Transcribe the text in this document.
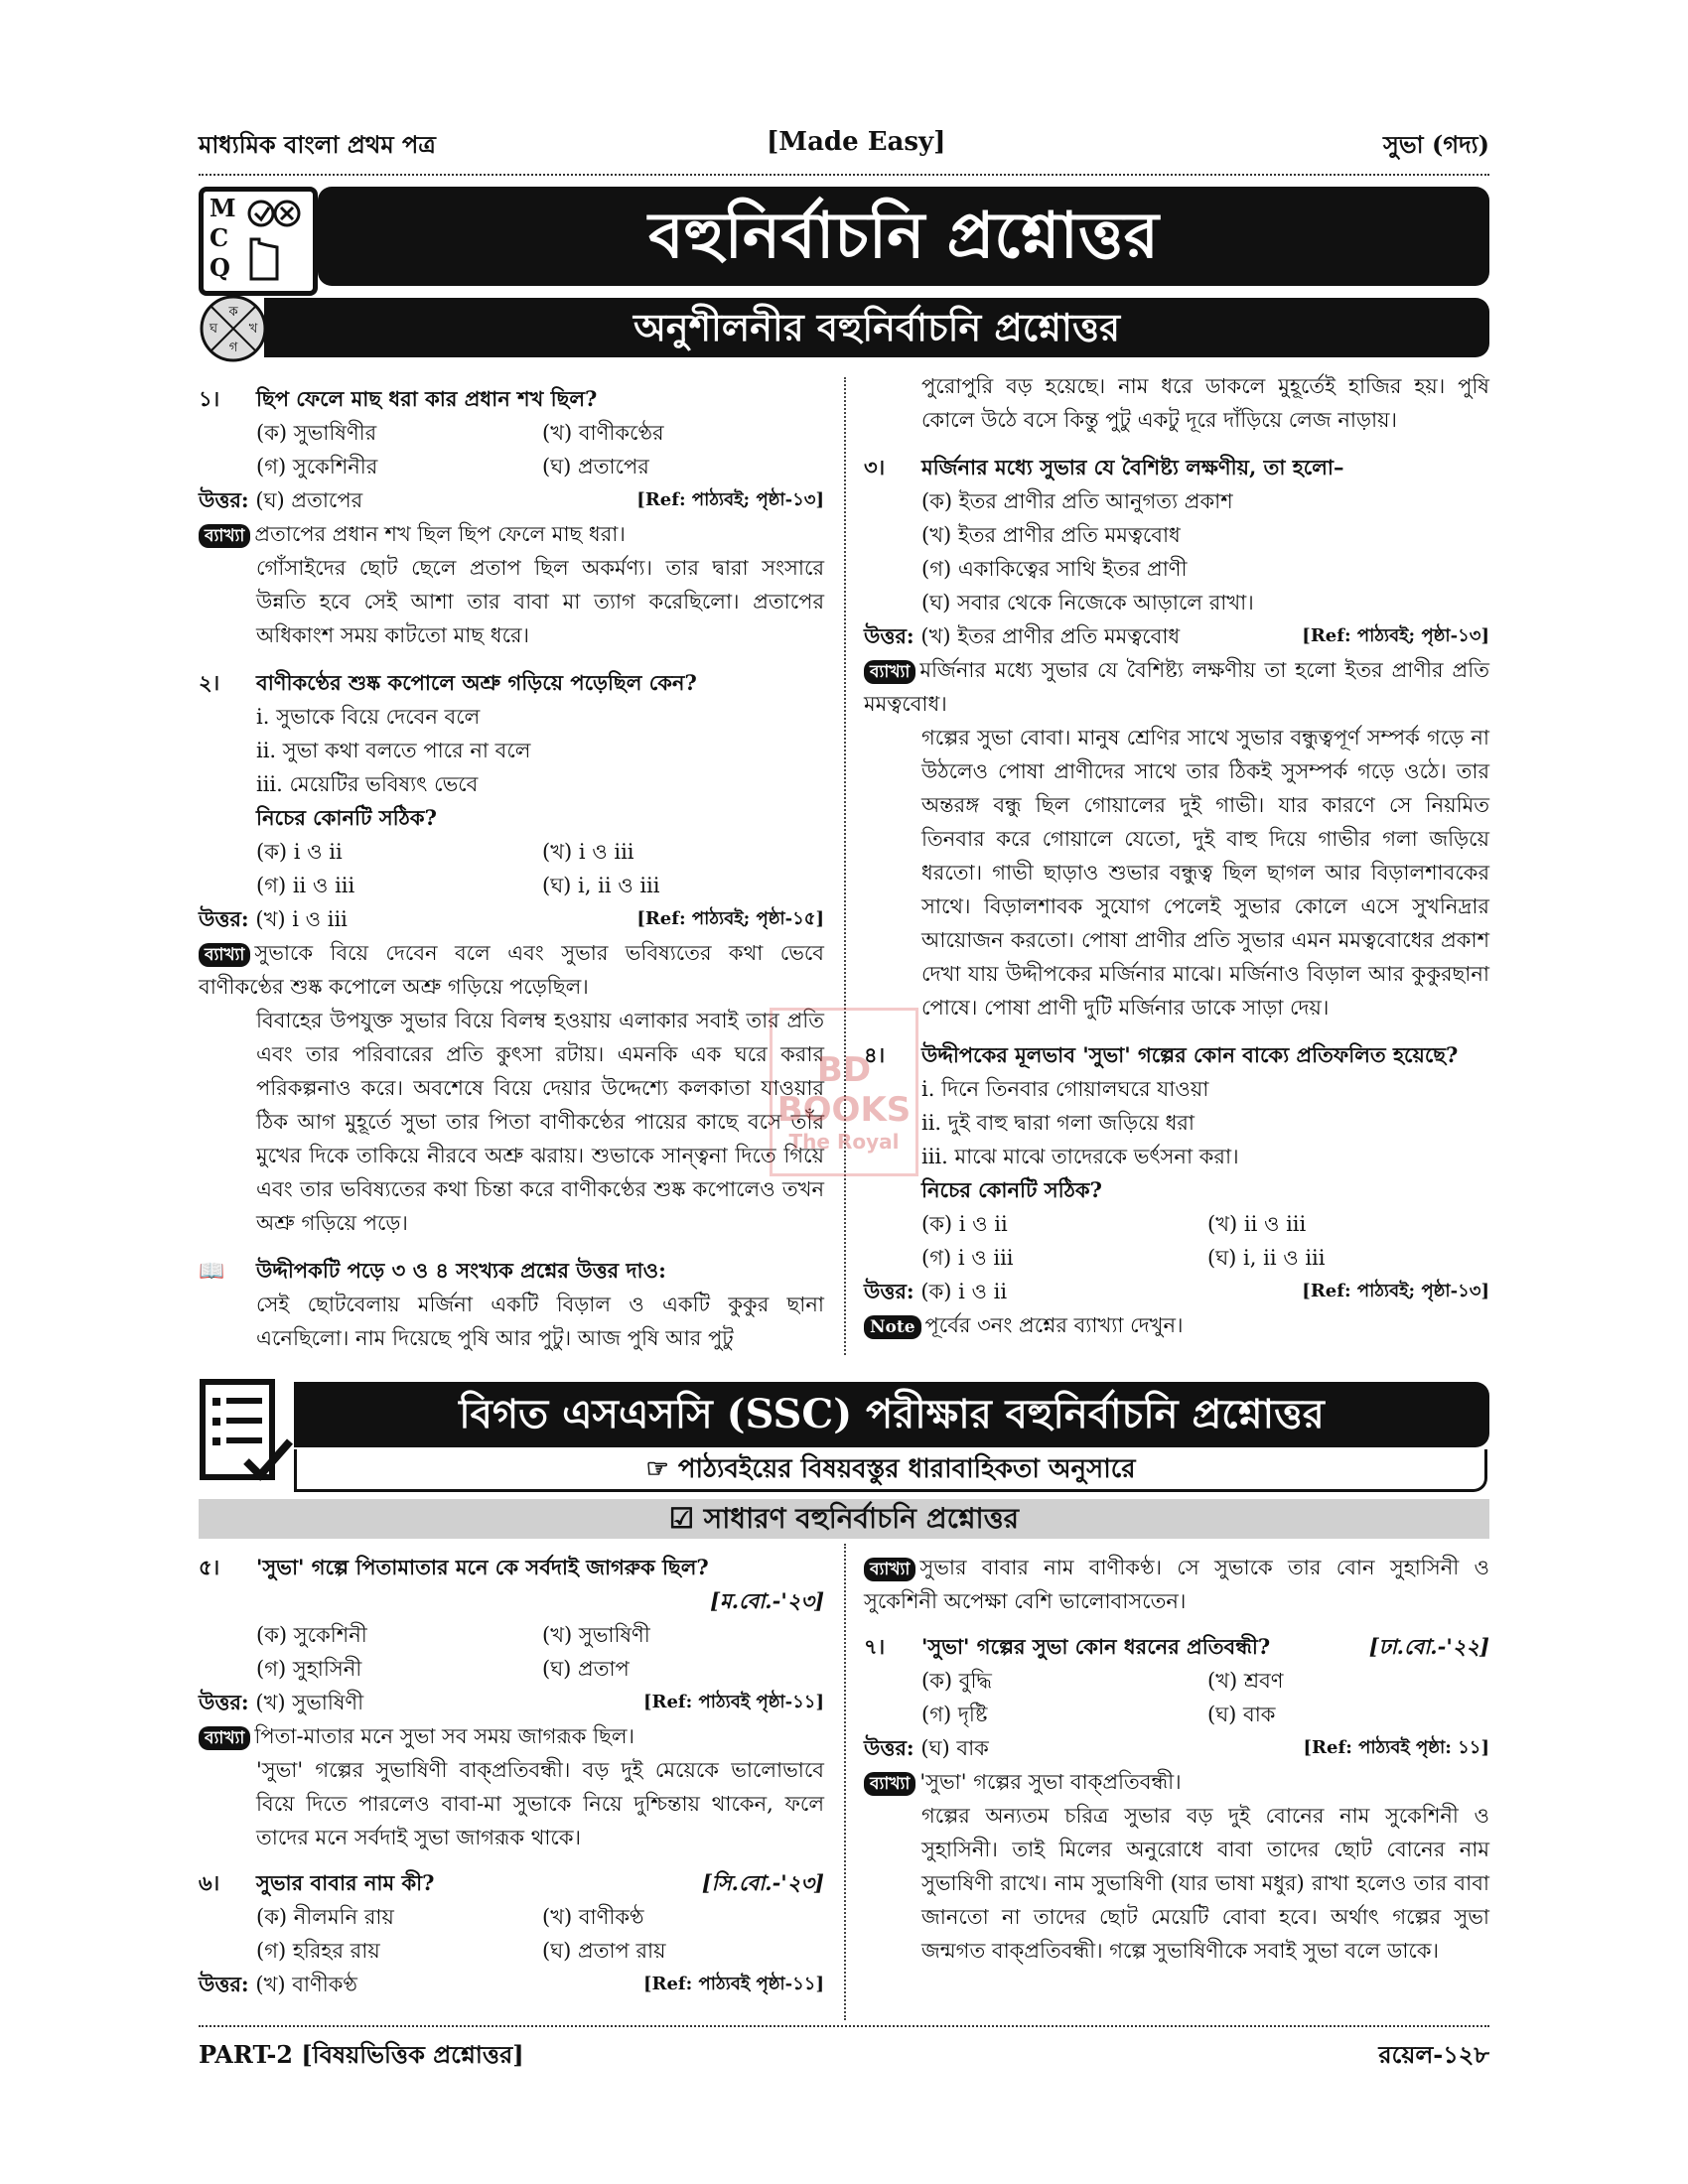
মাধ্যমিক বাংলা প্রথম পত্র	[Made Easy]	সুভা (গদ্য)
MCQ	বহুনির্বাচনি প্রশ্নোত্তর
ক
খ
গ
ঘ	অনুশীলনীর বহুনির্বাচনি প্রশ্নোত্তর
১।	ছিপ ফেলে মাছ ধরা কার প্রধান শখ ছিল?
(ক) সুভাষিণীর	(খ) বাণীকণ্ঠের
(গ) সুকেশিনীর	(ঘ) প্রতাপের
উত্তর: (ঘ) প্রতাপের	[Ref: পাঠ্যবই; পৃষ্ঠা-১৩]
ব্যাখ্যা প্রতাপের প্রধান শখ ছিল ছিপ ফেলে মাছ ধরা।
গোঁসাইদের ছোট ছেলে প্রতাপ ছিল অকর্মণ্য। তার দ্বারা সংসারে উন্নতি হবে সেই আশা তার বাবা মা ত্যাগ করেছিলো। প্রতাপের অধিকাংশ সময় কাটতো মাছ ধরে।
২।	বাণীকণ্ঠের শুষ্ক কপোলে অশ্রু গড়িয়ে পড়েছিল কেন?
i. সুভাকে বিয়ে দেবেন বলে
ii. সুভা কথা বলতে পারে না বলে
iii. মেয়েটির ভবিষ্যৎ ভেবে
নিচের কোনটি সঠিক?
(ক) i ও ii	(খ) i ও iii
(গ) ii ও iii	(ঘ) i, ii ও iii
উত্তর: (খ) i ও iii	[Ref: পাঠ্যবই; পৃষ্ঠা-১৫]
ব্যাখ্যা সুভাকে বিয়ে দেবেন বলে এবং সুভার ভবিষ্যতের কথা ভেবে বাণীকণ্ঠের শুষ্ক কপোলে অশ্রু গড়িয়ে পড়েছিল।
বিবাহের উপযুক্ত সুভার বিয়ে বিলম্ব হওয়ায় এলাকার সবাই তার প্রতি এবং তার পরিবারের প্রতি কুৎসা রটায়। এমনকি এক ঘরে করার পরিকল্পনাও করে। অবশেষে বিয়ে দেয়ার উদ্দেশ্যে কলকাতা যাওয়ার ঠিক আগ মুহূর্তে সুভা তার পিতা বাণীকণ্ঠের পায়ের কাছে বসে তাঁর মুখের দিকে তাকিয়ে নীরবে অশ্রু ঝরায়। শুভাকে সান্ত্বনা দিতে গিয়ে এবং তার ভবিষ্যতের কথা চিন্তা করে বাণীকণ্ঠের শুষ্ক কপোলেও তখন অশ্রু গড়িয়ে পড়ে।
📖	উদ্দীপকটি পড়ে ৩ ও ৪ সংখ্যক প্রশ্নের উত্তর দাও:
সেই ছোটবেলায় মর্জিনা একটি বিড়াল ও একটি কুকুর ছানা এনেছিলো। নাম দিয়েছে পুষি আর পুটু। আজ পুষি আর পুটু
পুরোপুরি বড় হয়েছে। নাম ধরে ডাকলে মুহূর্তেই হাজির হয়। পুষি কোলে উঠে বসে কিন্তু পুটু একটু দূরে দাঁড়িয়ে লেজ নাড়ায়।
৩।	মর্জিনার মধ্যে সুভার যে বৈশিষ্ট্য লক্ষণীয়, তা হলো–
(ক) ইতর প্রাণীর প্রতি আনুগত্য প্রকাশ
(খ) ইতর প্রাণীর প্রতি মমত্ববোধ
(গ) একাকিত্বের সাথি ইতর প্রাণী
(ঘ) সবার থেকে নিজেকে আড়ালে রাখা।
উত্তর: (খ) ইতর প্রাণীর প্রতি মমত্ববোধ	[Ref: পাঠ্যবই; পৃষ্ঠা-১৩]
ব্যাখ্যা মর্জিনার মধ্যে সুভার যে বৈশিষ্ট্য লক্ষণীয় তা হলো ইতর প্রাণীর প্রতি মমত্ববোধ।
গল্পের সুভা বোবা। মানুষ শ্রেণির সাথে সুভার বন্ধুত্বপূর্ণ সম্পর্ক গড়ে না উঠলেও পোষা প্রাণীদের সাথে তার ঠিকই সুসম্পর্ক গড়ে ওঠে। তার অন্তরঙ্গ বন্ধু ছিল গোয়ালের দুই গাভী। যার কারণে সে নিয়মিত তিনবার করে গোয়ালে যেতো, দুই বাহু দিয়ে গাভীর গলা জড়িয়ে ধরতো। গাভী ছাড়াও শুভার বন্ধুত্ব ছিল ছাগল আর বিড়ালশাবকের সাথে। বিড়ালশাবক সুযোগ পেলেই সুভার কোলে এসে সুখনিদ্রার আয়োজন করতো। পোষা প্রাণীর প্রতি সুভার এমন মমত্ববোধের প্রকাশ দেখা যায় উদ্দীপকের মর্জিনার মাঝে। মর্জিনাও বিড়াল আর কুকুরছানা পোষে। পোষা প্রাণী দুটি মর্জিনার ডাকে সাড়া দেয়।
৪।	উদ্দীপকের মূলভাব 'সুভা' গল্পের কোন বাক্যে প্রতিফলিত হয়েছে?
i. দিনে তিনবার গোয়ালঘরে যাওয়া
ii. দুই বাহু দ্বারা গলা জড়িয়ে ধরা
iii. মাঝে মাঝে তাদেরকে ভর্ৎসনা করা।
নিচের কোনটি সঠিক?
(ক) i ও ii	(খ) ii ও iii
(গ) i ও iii	(ঘ) i, ii ও iii
উত্তর: (ক) i ও ii	[Ref: পাঠ্যবই; পৃষ্ঠা-১৩]
Note পূর্বের ৩নং প্রশ্নের ব্যাখ্যা দেখুন।
BD BOOKS
The Royal
বিগত এসএসসি (SSC) পরীক্ষার বহুনির্বাচনি প্রশ্নোত্তর
☞ পাঠ্যবইয়ের বিষয়বস্তুর ধারাবাহিকতা অনুসারে
☑ সাধারণ বহুনির্বাচনি প্রশ্নোত্তর
৫।	'সুভা' গল্পে পিতামাতার মনে কে সর্বদাই জাগরুক ছিল?
[ম.বো.-'২৩]
(ক) সুকেশিনী	(খ) সুভাষিণী
(গ) সুহাসিনী	(ঘ) প্রতাপ
উত্তর: (খ) সুভাষিণী	[Ref: পাঠ্যবই পৃষ্ঠা-১১]
ব্যাখ্যা পিতা-মাতার মনে সুভা সব সময় জাগরূক ছিল।
'সুভা' গল্পের সুভাষিণী বাক্প্রতিবন্ধী। বড় দুই মেয়েকে ভালোভাবে বিয়ে দিতে পারলেও বাবা-মা সুভাকে নিয়ে দুশ্চিন্তায় থাকেন, ফলে তাদের মনে সর্বদাই সুভা জাগরূক থাকে।
৬।	সুভার বাবার নাম কী?	[সি.বো.-'২৩]
(ক) নীলমনি রায়	(খ) বাণীকণ্ঠ
(গ) হরিহর রায়	(ঘ) প্রতাপ রায়
উত্তর: (খ) বাণীকণ্ঠ	[Ref: পাঠ্যবই পৃষ্ঠা-১১]
ব্যাখ্যা সুভার বাবার নাম বাণীকণ্ঠ। সে সুভাকে তার বোন সুহাসিনী ও সুকেশিনী অপেক্ষা বেশি ভালোবাসতেন।
৭।	'সুভা' গল্পের সুভা কোন ধরনের প্রতিবন্ধী?	[ঢা.বো.-'২২]
(ক) বুদ্ধি	(খ) শ্রবণ
(গ) দৃষ্টি	(ঘ) বাক
উত্তর: (ঘ) বাক	[Ref: পাঠ্যবই পৃষ্ঠা: ১১]
ব্যাখ্যা 'সুভা' গল্পের সুভা বাক্প্রতিবন্ধী।
গল্পের অন্যতম চরিত্র সুভার বড় দুই বোনের নাম সুকেশিনী ও সুহাসিনী। তাই মিলের অনুরোধে বাবা তাদের ছোট বোনের নাম সুভাষিণী রাখে। নাম সুভাষিণী (যার ভাষা মধুর) রাখা হলেও তার বাবা জানতো না তাদের ছোট মেয়েটি বোবা হবে। অর্থাৎ গল্পের সুভা জন্মগত বাক্প্রতিবন্ধী। গল্পে সুভাষিণীকে সবাই সুভা বলে ডাকে।
PART-2 [বিষয়ভিত্তিক প্রশ্নোত্তর]	রয়েল-১২৮
